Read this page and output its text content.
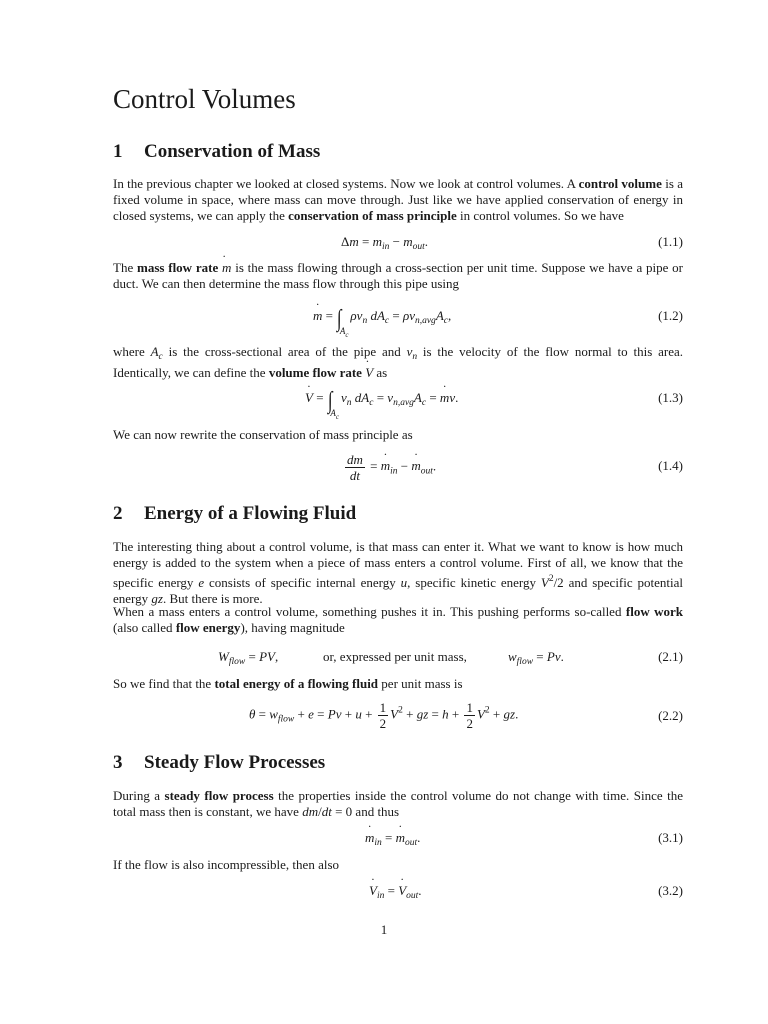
Control Volumes
1 Conservation of Mass
In the previous chapter we looked at closed systems. Now we look at control volumes. A control volume is a fixed volume in space, where mass can move through. Just like we have applied conservation of energy in closed systems, we can apply the conservation of mass principle in control volumes. So we have
$\Delta m = m_{in} - m_{out}$.	(1.1)
The mass flow rate m ˙ is the mass flowing through a cross-section per unit time. Suppose we have a pipe or duct. We can then determine the mass flow through this pipe using
m ˙ = $\int_{A_c}\rho\nu_n$ $dA_c = \rho\nu_{n,avg}A_c$,	(1.2)
where $A_c$ is the cross-sectional area of the pipe and $\nu_n$ is the velocity of the flow normal to this area. Identically, we can define the volume flow rate V ˙ as
V ˙ = $\int_{A_c}\nu_n$ $dA_c = \nu_{n,avg}A_c = m$ ˙v.	(1.3)
We can now rewrite the conservation of mass principle as
$\frac{dm}{dt} = m$ $˙_{in} - m$ $˙_{out}$.	(1.4)
2 Energy of a Flowing Fluid
The interesting thing about a control volume, is that mass can enter it. What we want to know is how much energy is added to the system when a piece of mass enters a control volume. First of all, we know that the specific energy e consists of specific internal energy u, specific kinetic energy $V^2/2$ and specific potential energy gz. But there is more.
When a mass enters a control volume, something pushes it in. This pushing performs so-called flow work (also called flow energy), having magnitude
$W_{flow}$ = PV,	or, expressed per unit mass,	$w_{flow} = Pv$.	(2.1)
So we find that the total energy of a flowing fluid per unit mass is
$\theta = w_{flow} + e = Pv + u + \frac{1}{2} V^2$ + gz = $h + \frac{1}{2} V^2$ + gz.	(2.2)
3 Steady Flow Processes
During a steady flow process the properties inside the control volume do not change with time. Since the total mass then is constant, we have dm/dt = 0 and thus
m $˙_{in} = m$ $˙_{out}$.	(3.1)
If the flow is also incompressible, then also
V $˙_{in} = V$ $˙_{out}$.	(3.2)
1
